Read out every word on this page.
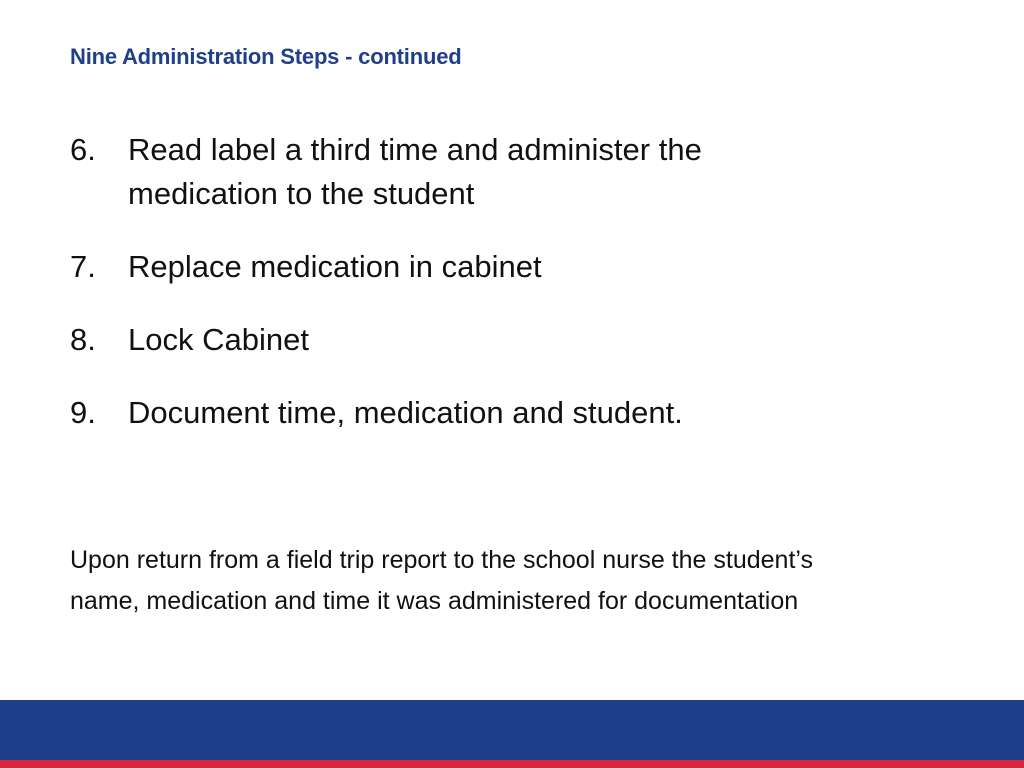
Nine Administration Steps - continued
6.	Read label a third time and administer the medication to the student
7.	Replace medication in cabinet
8.	Lock Cabinet
9.	Document time, medication and student.

Upon return from a field trip report to the school nurse the student’s name, medication and time it was administered for documentation
